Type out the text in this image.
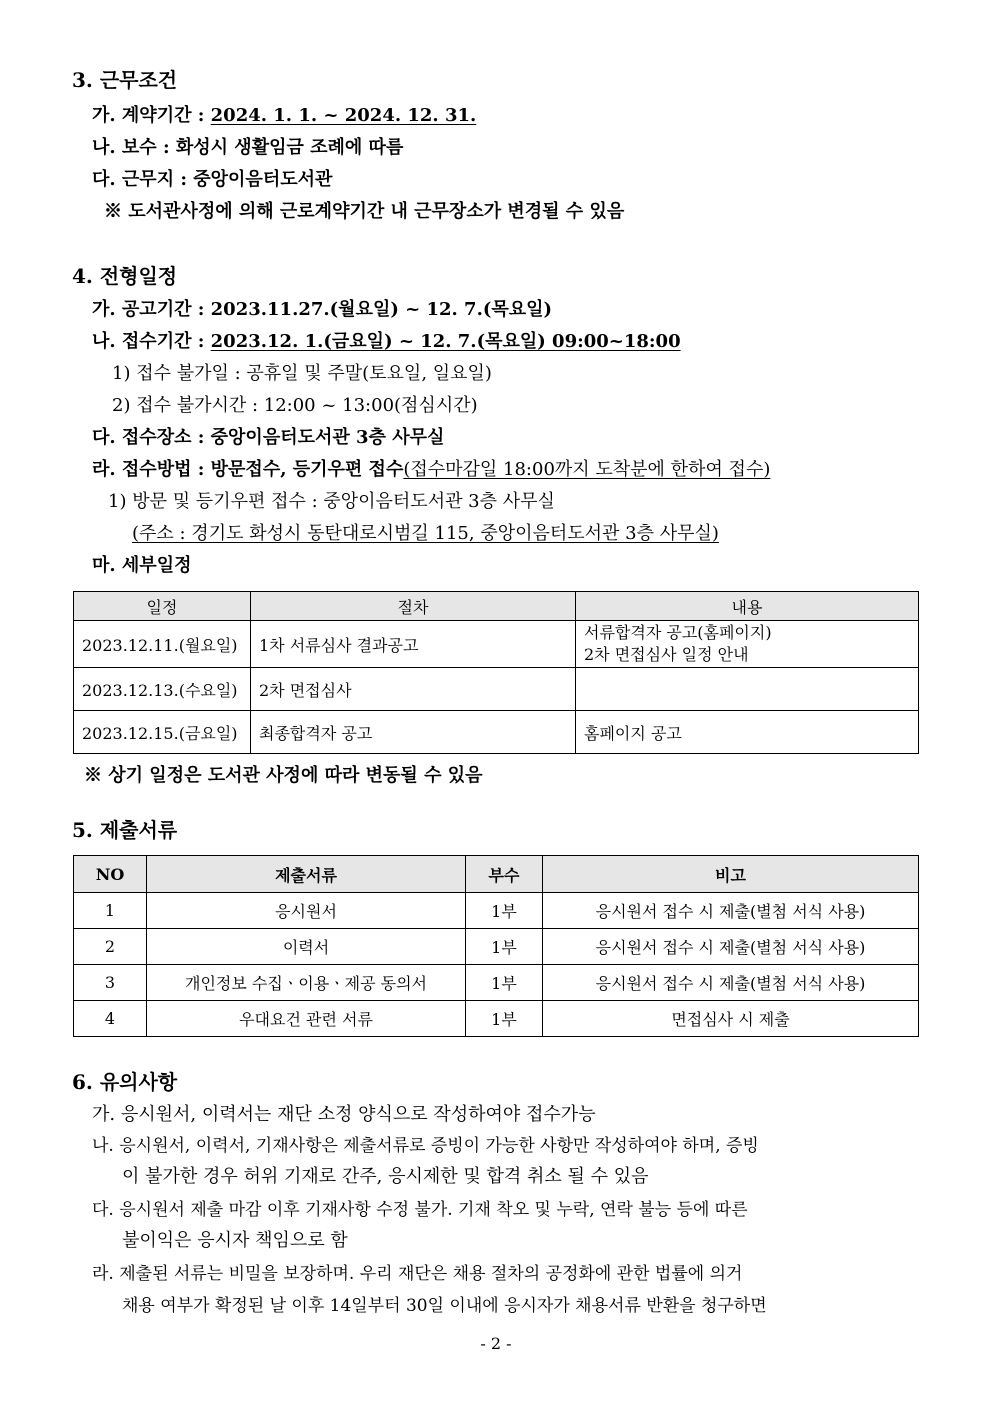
3. 근무조건
가. 계약기간 : 2024. 1. 1. ~ 2024. 12. 31.
나. 보수 : 화성시 생활임금 조례에 따름
다. 근무지 : 중앙이음터도서관
※ 도서관사정에 의해 근로계약기간 내 근무장소가 변경될 수 있음
4. 전형일정
가. 공고기간 : 2023.11.27.(월요일) ~ 12. 7.(목요일)
나. 접수기간 : 2023.12. 1.(금요일) ~ 12. 7.(목요일) 09:00~18:00
1) 접수 불가일 : 공휴일 및 주말(토요일, 일요일)
2) 접수 불가시간 : 12:00 ~ 13:00(점심시간)
다. 접수장소 : 중앙이음터도서관 3층 사무실
라. 접수방법 : 방문접수, 등기우편 접수(접수마감일 18:00까지 도착분에 한하여 접수)
1) 방문 및 등기우편 접수 : 중앙이음터도서관 3층 사무실
(주소 : 경기도 화성시 동탄대로시범길 115, 중앙이음터도서관 3층 사무실)
마. 세부일정
일정	절차	내용
2023.12.11.(월요일)	1차 서류심사 결과공고	서류합격자 공고(홈페이지)
2차 면접심사 일정 안내

2023.12.13.(수요일)	2차 면접심사	
2023.12.15.(금요일)	최종합격자 공고	홈페이지 공고
※ 상기 일정은 도서관 사정에 따라 변동될 수 있음
5. 제출서류
NO	제출서류	부수	비고
1	응시원서	1부	응시원서 접수 시 제출(별첨 서식 사용)
2	이력서	1부	응시원서 접수 시 제출(별첨 서식 사용)
3	개인정보 수집ㆍ이용ㆍ제공 동의서	1부	응시원서 접수 시 제출(별첨 서식 사용)
4	우대요건 관련 서류	1부	면접심사 시 제출
6. 유의사항
가. 응시원서, 이력서는 재단 소정 양식으로 작성하여야 접수가능
나. 응시원서, 이력서, 기재사항은 제출서류로 증빙이 가능한 사항만 작성하여야 하며, 증빙
이 불가한 경우 허위 기재로 간주, 응시제한 및 합격 취소 될 수 있음
다. 응시원서 제출 마감 이후 기재사항 수정 불가. 기재 착오 및 누락, 연락 불능 등에 따른
불이익은 응시자 책임으로 함
라. 제출된 서류는 비밀을 보장하며. 우리 재단은 채용 절차의 공정화에 관한 법률에 의거
채용 여부가 확정된 날 이후 14일부터 30일 이내에 응시자가 채용서류 반환을 청구하면
- 2 -
